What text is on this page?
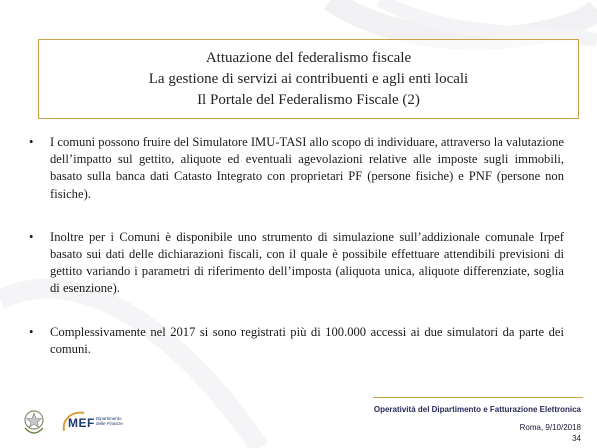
Attuazione del federalismo fiscale
La gestione di servizi ai contribuenti e agli enti locali
Il Portale del Federalismo Fiscale (2)

• I comuni possono fruire del Simulatore IMU-TASI allo scopo di individuare, attraverso la valutazione dell’impatto sul gettito, aliquote ed eventuali agevolazioni relative alle imposte sugli immobili, basato sulla banca dati Catasto Integrato con proprietari PF (persone fisiche) e PNF (persone non fisiche).

• Inoltre per i Comuni è disponibile uno strumento di simulazione sull’addizionale comunale Irpef basato sui dati delle dichiarazioni fiscali, con il quale è possibile effettuare attendibili previsioni di gettito variando i parametri di riferimento dell’imposta (aliquota unica, aliquote differenziate, soglia di esenzione).

• Complessivamente nel 2017 si sono registrati più di 100.000 accessi ai due simulatori da parte dei comuni.

MEF Dipartimento delle Finanze
Operatività del Dipartimento e Fatturazione Elettronica
Roma, 9/10/2018
34
